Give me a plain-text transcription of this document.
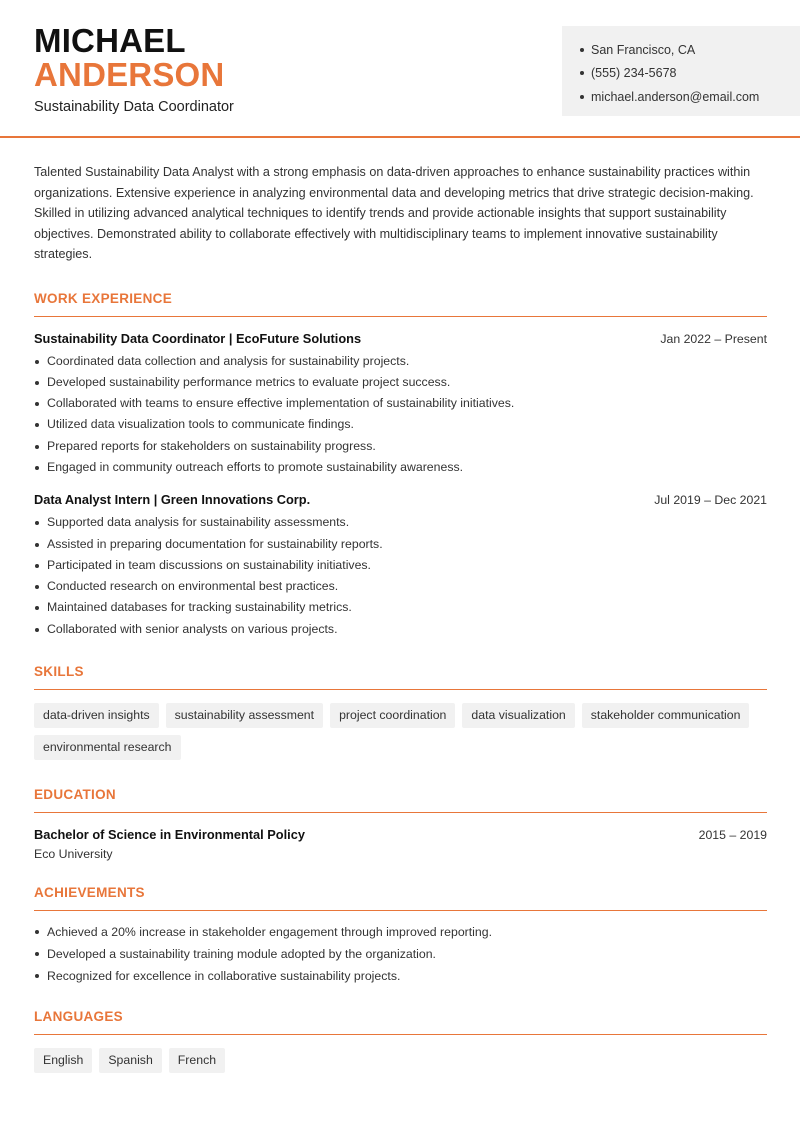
MICHAEL
ANDERSON
Sustainability Data Coordinator
San Francisco, CA
(555) 234-5678
michael.anderson@email.com

Talented Sustainability Data Analyst with a strong emphasis on data-driven approaches to enhance sustainability practices within organizations. Extensive experience in analyzing environmental data and developing metrics that drive strategic decision-making. Skilled in utilizing advanced analytical techniques to identify trends and provide actionable insights that support sustainability objectives. Demonstrated ability to collaborate effectively with multidisciplinary teams to implement innovative sustainability strategies.

WORK EXPERIENCE
Sustainability Data Coordinator | EcoFuture Solutions	Jan 2022 – Present
Coordinated data collection and analysis for sustainability projects.
Developed sustainability performance metrics to evaluate project success.
Collaborated with teams to ensure effective implementation of sustainability initiatives.
Utilized data visualization tools to communicate findings.
Prepared reports for stakeholders on sustainability progress.
Engaged in community outreach efforts to promote sustainability awareness.
Data Analyst Intern | Green Innovations Corp.	Jul 2019 – Dec 2021
Supported data analysis for sustainability assessments.
Assisted in preparing documentation for sustainability reports.
Participated in team discussions on sustainability initiatives.
Conducted research on environmental best practices.
Maintained databases for tracking sustainability metrics.
Collaborated with senior analysts on various projects.
SKILLS
data-driven insights	sustainability assessment	project coordination	data visualization	stakeholder communication
environmental research
EDUCATION
Bachelor of Science in Environmental Policy	2015 – 2019
Eco University
ACHIEVEMENTS
Achieved a 20% increase in stakeholder engagement through improved reporting.
Developed a sustainability training module adopted by the organization.
Recognized for excellence in collaborative sustainability projects.
LANGUAGES
English	Spanish	French
